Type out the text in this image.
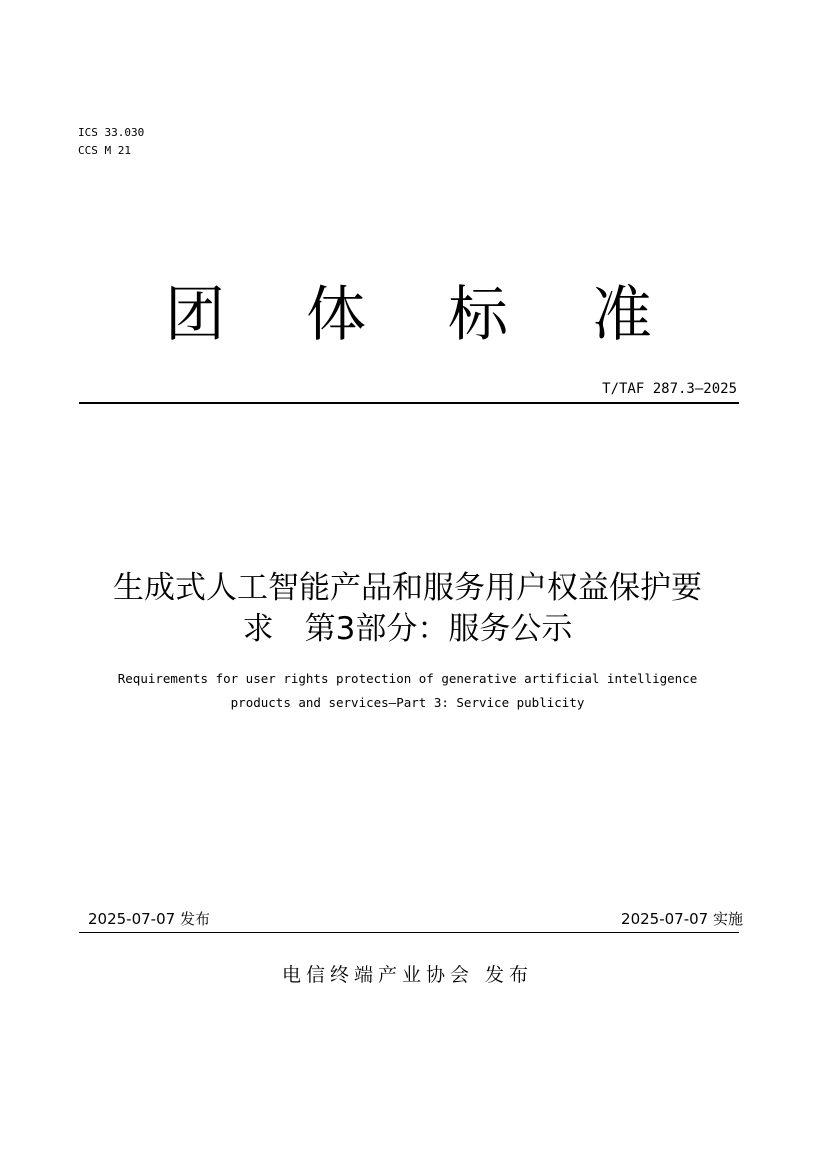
ICS 33.030
CCS M 21
团 体 标 准
T/TAF 287.3—2025
生成式人工智能产品和服务用户权益保护要
求　第3部分：服务公示
Requirements for user rights protection of generative artificial intelligence
products and services—Part 3: Service publicity
2025-07-07 发布	2025-07-07 实施
电信终端产业协会 发布
